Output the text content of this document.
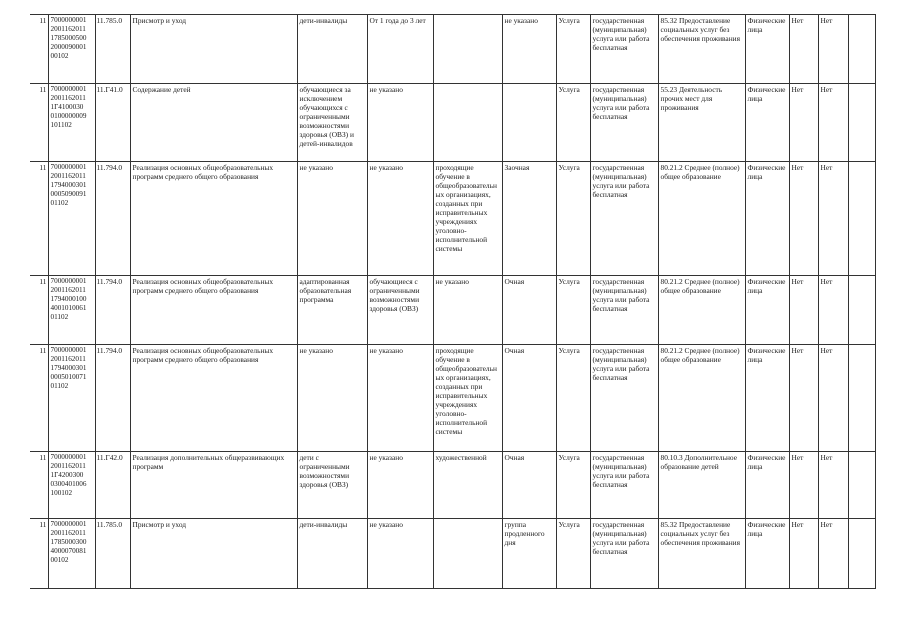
11	7000000001
2001162011
1785000500
2000090001
00102	11.785.0	Присмотр и уход	дети-инвалиды	От 1 года до 3 лет		не указано	Услуга	государственная (муниципальная) услуга или работа бесплатная	85.32 Предоставление социальных услуг без обеспечения проживания	Физические лица	Нет	Нет	
11	7000000001
2001162011
1Г4100030
0100000009
101102	11.Г41.0	Содержание детей	обучающиеся за исключением обучающихся с ограниченными возможностями здоровья (ОВЗ) и детей-инвалидов	не указано			Услуга	государственная (муниципальная) услуга или работа бесплатная	55.23 Деятельность прочих мест для проживания	Физические лица	Нет	Нет	
11	7000000001
2001162011
1794000301
0005090091
01102	11.794.0	Реализация основных общеобразовательных программ среднего общего образования	не указано	не указано	проходящие обучение в общеобразовательных организациях, созданных при исправительных учреждениях уголовно-исполнительной системы	Заочная	Услуга	государственная (муниципальная) услуга или работа бесплатная	80.21.2 Среднее (полное) общее образование	Физические лица	Нет	Нет	
11	7000000001
2001162011
1794000100
4001010061
01102	11.794.0	Реализация основных общеобразовательных программ среднего общего образования	адаптированная образовательная программа	обучающиеся с ограниченными возможностями здоровья (ОВЗ)	не указано	Очная	Услуга	государственная (муниципальная) услуга или работа бесплатная	80.21.2 Среднее (полное) общее образование	Физические лица	Нет	Нет	
11	7000000001
2001162011
1794000301
0005010071
01102	11.794.0	Реализация основных общеобразовательных программ среднего общего образования	не указано	не указано	проходящие обучение в общеобразовательных организациях, созданных при исправительных учреждениях уголовно-исполнительной системы	Очная	Услуга	государственная (муниципальная) услуга или работа бесплатная	80.21.2 Среднее (полное) общее образование	Физические лица	Нет	Нет	
11	7000000001
2001162011
1Г4200300
0300401006
100102	11.Г42.0	Реализация дополнительных общеразвивающих программ	дети с ограниченными возможностями здоровья (ОВЗ)	не указано	художественной	Очная	Услуга	государственная (муниципальная) услуга или работа бесплатная	80.10.3 Дополнительное образование детей	Физические лица	Нет	Нет	
11	7000000001
2001162011
1785000300
4000070081
00102	11.785.0	Присмотр и уход	дети-инвалиды	не указано		группа продленного дня	Услуга	государственная (муниципальная) услуга или работа бесплатная	85.32 Предоставление социальных услуг без обеспечения проживания	Физические лица	Нет	Нет	
